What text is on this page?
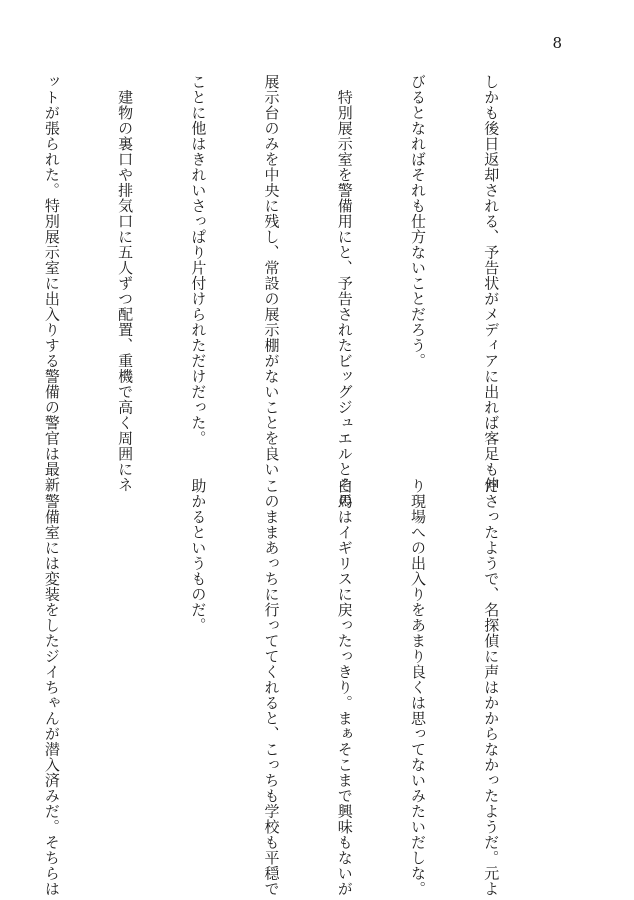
8

しかも後日返却される、予告状がメディアに出れば客足も伸

びるとなればそれも仕方ないことだろう。

　特別展示室を警備用にと、予告されたビッグジュエルとその

展示台のみを中央に残し、常設の展示棚がないことを良い

ことに他はきれいさっぱり片付けられただけだった。

　建物の裏口や排気口に五人ずつ配置、重機で高く周囲にネ

ットが張られた。特別展示室に出入りする警備の警官は最新

ださったようで、名探偵に声はかからなかったようだ。元よ

り現場への出入りをあまり良くは思ってないみたいだしな。

白馬はイギリスに戻ったっきり。まぁそこまで興味もないが

このままあっちに行っててくれると、こっちも学校も平穏で

助かるというものだ。

　警備室には変装をしたジイちゃんが潜入済みだ。そちらは
